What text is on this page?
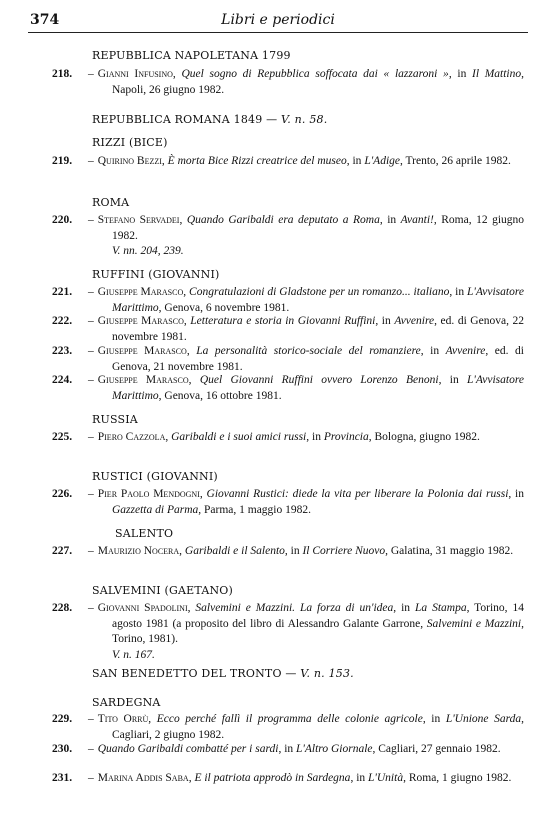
374	Libri e periodici
REPUBBLICA NAPOLETANA 1799
218. – Gianni Infusino, Quel sogno di Repubblica soffocata dai « lazzaroni », in Il Mattino, Napoli, 26 giugno 1982.
REPUBBLICA ROMANA 1849 — V. n. 58.
RIZZI (BICE)
219. – Quirino Bezzi, È morta Bice Rizzi creatrice del museo, in L'Adige, Trento, 26 aprile 1982.
ROMA
220. – Stefano Servadei, Quando Garibaldi era deputato a Roma, in Avanti!, Roma, 12 giugno 1982.
V. nn. 204, 239.
RUFFINI (GIOVANNI)
221. – Giuseppe Marasco, Congratulazioni di Gladstone per un romanzo... italiano, in L'Avvisatore Marittimo, Genova, 6 novembre 1981.
222. – Giuseppe Marasco, Letteratura e storia in Giovanni Ruffini, in Avvenire, ed. di Genova, 22 novembre 1981.
223. – Giuseppe Marasco, La personalità storico-sociale del romanziere, in Avvenire, ed. di Genova, 21 novembre 1981.
224. – Giuseppe Marasco, Quel Giovanni Ruffini ovvero Lorenzo Benoni, in L'Avvisatore Marittimo, Genova, 16 ottobre 1981.
RUSSIA
225. – Piero Cazzola, Garibaldi e i suoi amici russi, in Provincia, Bologna, giugno 1982.
RUSTICI (GIOVANNI)
226. – Pier Paolo Mendogni, Giovanni Rustici: diede la vita per liberare la Polonia dai russi, in Gazzetta di Parma, Parma, 1 maggio 1982.
SALENTO
227. – Maurizio Nocera, Garibaldi e il Salento, in Il Corriere Nuovo, Galatina, 31 maggio 1982.
SALVEMINI (GAETANO)
228. – Giovanni Spadolini, Salvemini e Mazzini. La forza di un'idea, in La Stampa, Torino, 14 agosto 1981 (a proposito del libro di Alessandro Galante Garrone, Salvemini e Mazzini, Torino, 1981).
V. n. 167.
SAN BENEDETTO DEL TRONTO — V. n. 153.
SARDEGNA
229. – Tito Orrù, Ecco perché fallì il programma delle colonie agricole, in L'Unione Sarda, Cagliari, 2 giugno 1982.
230. – Quando Garibaldi combatté per i sardi, in L'Altro Giornale, Cagliari, 27 gennaio 1982.
231. – Marina Addis Saba, E il patriota approdò in Sardegna, in L'Unità, Roma, 1 giugno 1982.
